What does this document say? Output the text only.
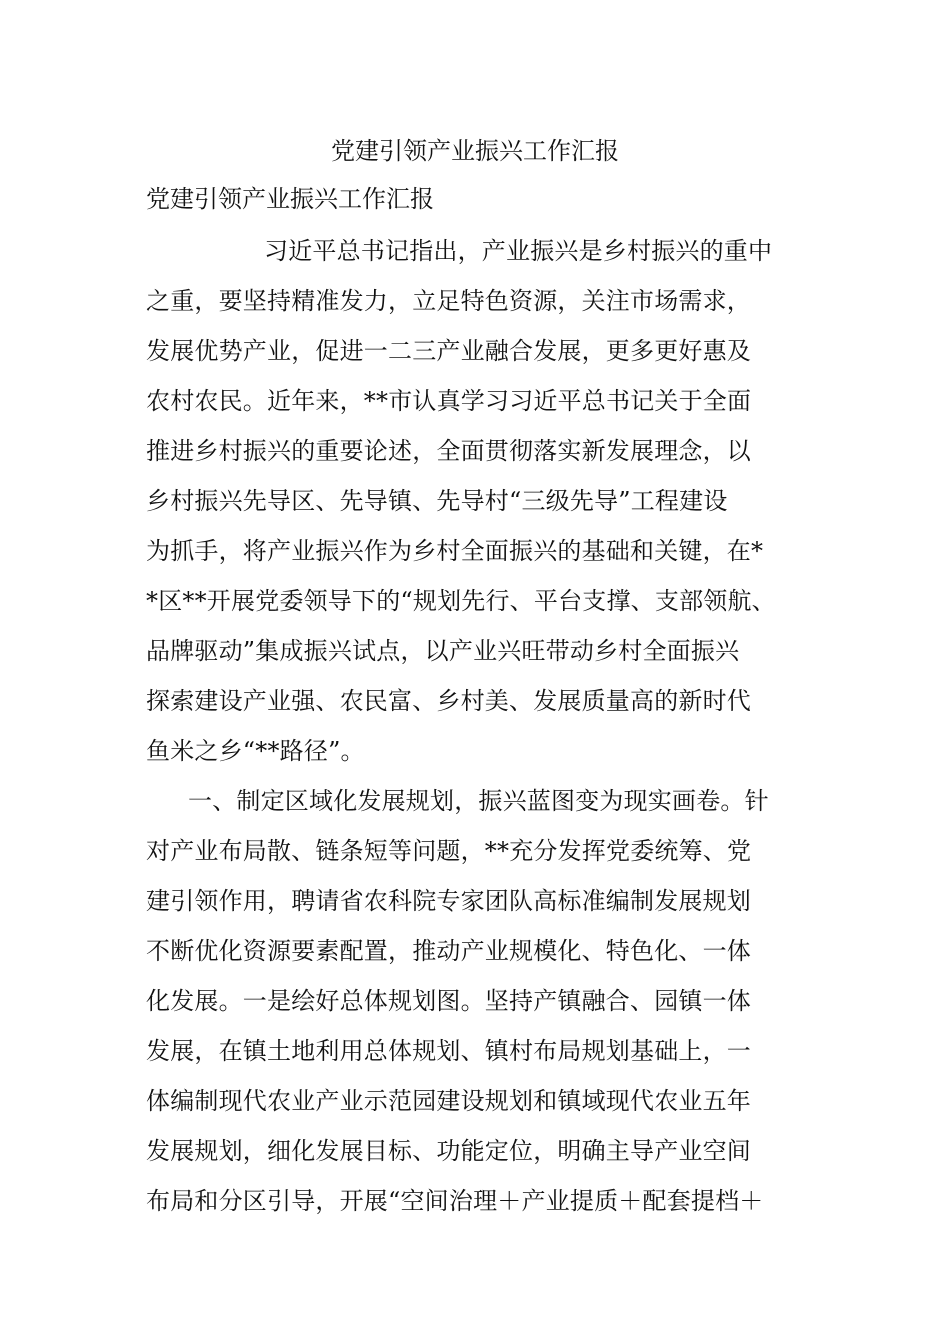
党建引领产业振兴工作汇报
党建引领产业振兴工作汇报
习近平总书记指出，产业振兴是乡村振兴的重中
之重，要坚持精准发力，立足特色资源，关注市场需求，
发展优势产业，促进一二三产业融合发展，更多更好惠及
农村农民。近年来，**市认真学习习近平总书记关于全面
推进乡村振兴的重要论述，全面贯彻落实新发展理念，以
乡村振兴先导区、先导镇、先导村“三级先导”工程建设
为抓手，将产业振兴作为乡村全面振兴的基础和关键，在*
*区**开展党委领导下的“规划先行、平台支撑、支部领航、
品牌驱动”集成振兴试点，以产业兴旺带动乡村全面振兴
探索建设产业强、农民富、乡村美、发展质量高的新时代
鱼米之乡“**路径”。
一、制定区域化发展规划，振兴蓝图变为现实画卷。针
对产业布局散、链条短等问题，**充分发挥党委统筹、党
建引领作用，聘请省农科院专家团队高标准编制发展规划
不断优化资源要素配置，推动产业规模化、特色化、一体
化发展。一是绘好总体规划图。坚持产镇融合、园镇一体
发展，在镇土地利用总体规划、镇村布局规划基础上，一
体编制现代农业产业示范园建设规划和镇域现代农业五年
发展规划，细化发展目标、功能定位，明确主导产业空间
布局和分区引导，开展“空间治理＋产业提质＋配套提档＋
